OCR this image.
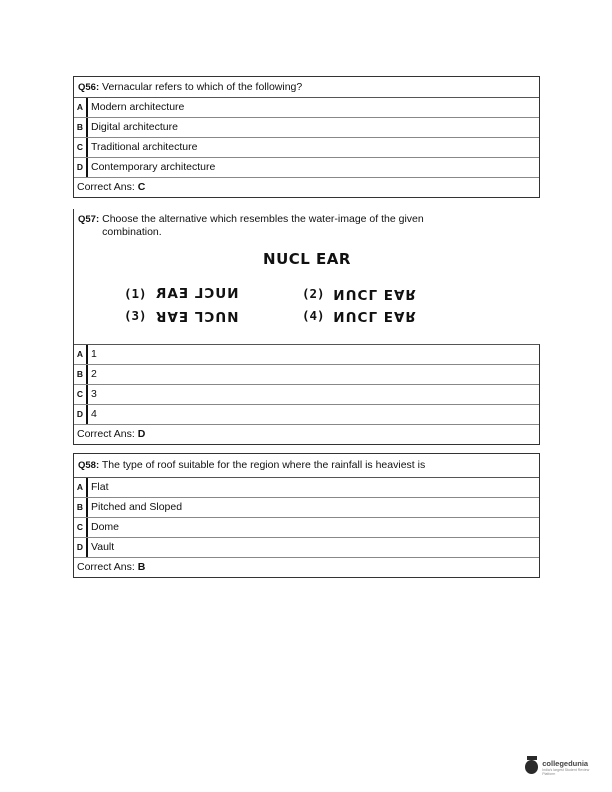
Q56: Vernacular refers to which of the following?
A Modern architecture
B Digital architecture
C Traditional architecture
D Contemporary architecture
Correct Ans: C
Q57: Choose the alternative which resembles the water-image of the given combination.
NUCL EAR
(1) NUCL EAR	(2) NUCL EAR
(3) NUCL EAR	(4) NUCL EAR
A 1
B 2
C 3
D 4
Correct Ans: D
Q58: The type of roof suitable for the region where the rainfall is heaviest is
A Flat
B Pitched and Sloped
C Dome
D Vault
Correct Ans: B
collegedunia
India's largest Student Review Platform
